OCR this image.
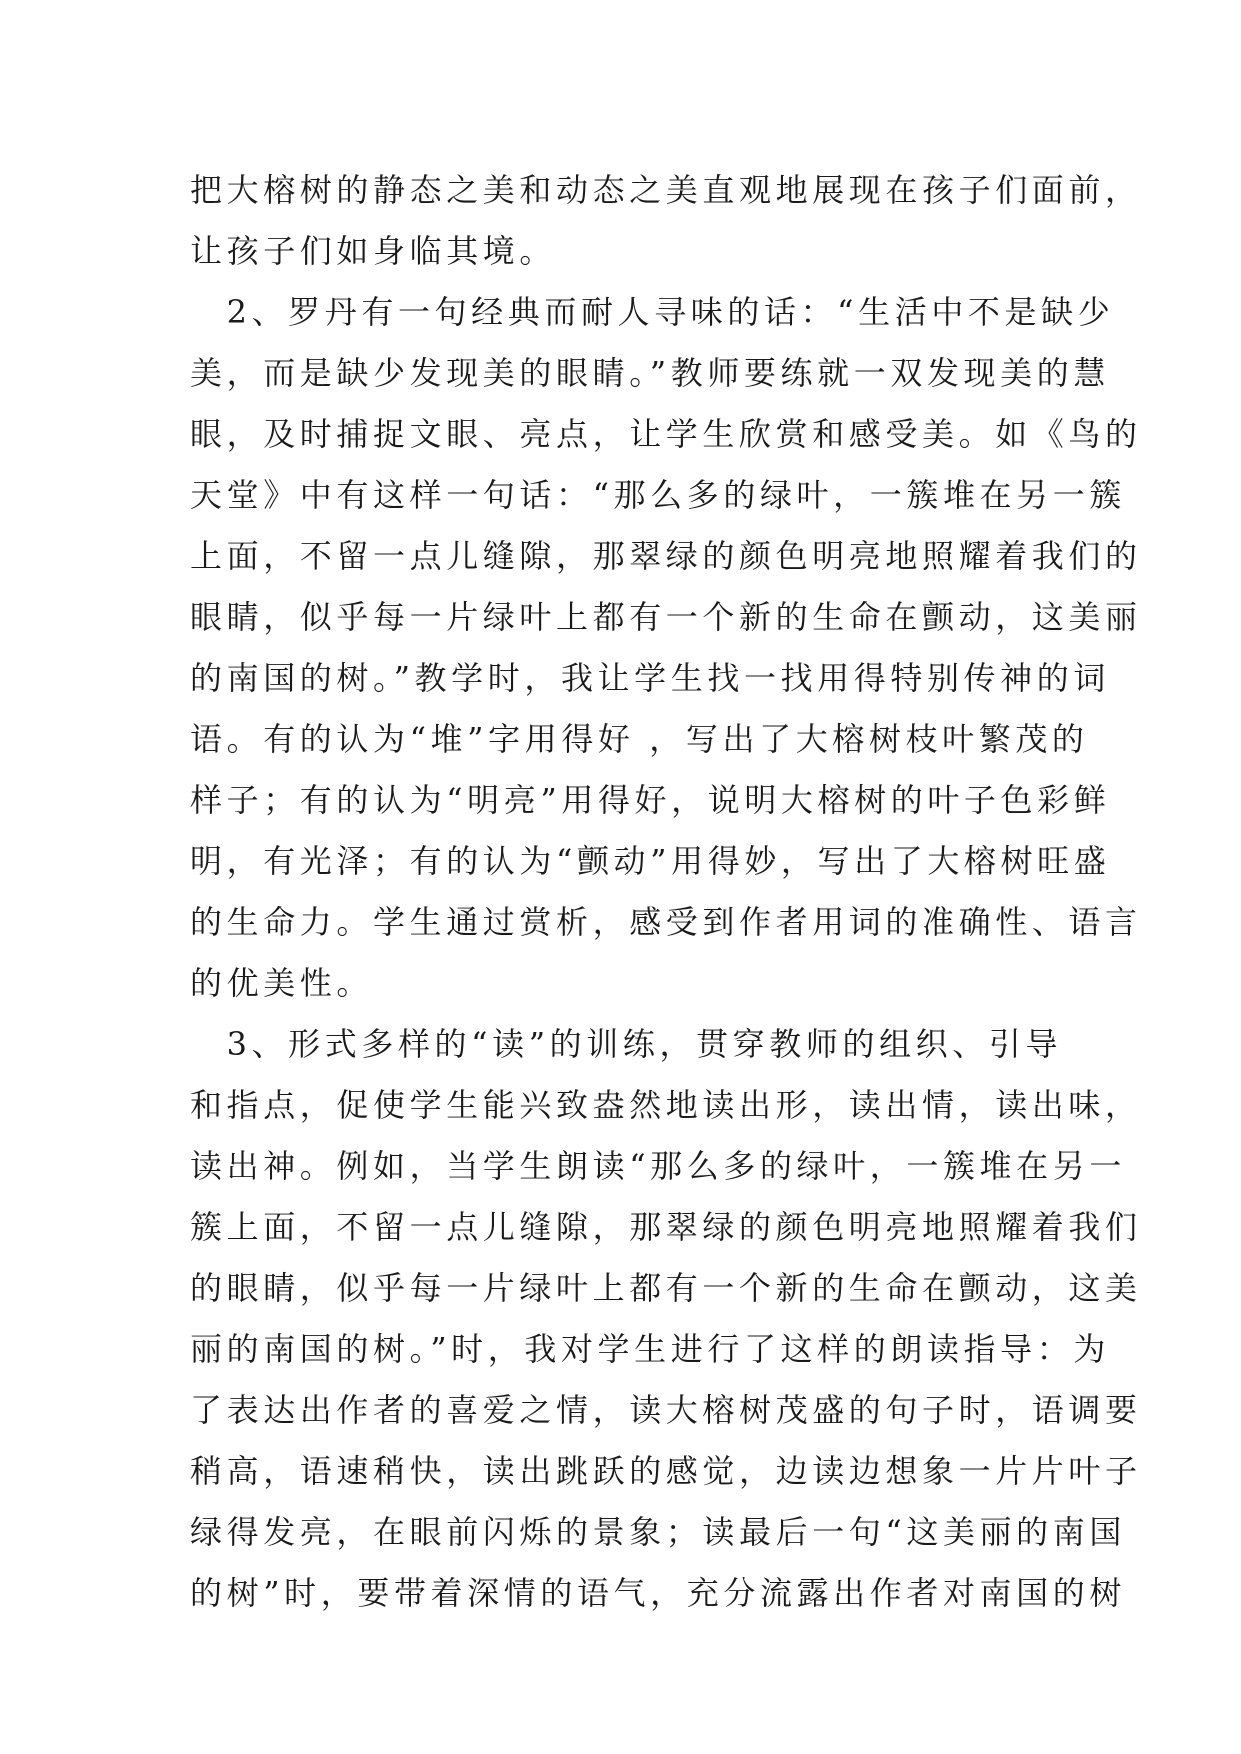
把大榕树的静态之美和动态之美直观地展现在孩子们面前，
让孩子们如身临其境。
　2、罗丹有一句经典而耐人寻味的话：“生活中不是缺少
美，而是缺少发现美的眼睛。”教师要练就一双发现美的慧
眼，及时捕捉文眼、亮点，让学生欣赏和感受美。如《鸟的
天堂》中有这样一句话：“那么多的绿叶，一簇堆在另一簇
上面，不留一点儿缝隙，那翠绿的颜色明亮地照耀着我们的
眼睛，似乎每一片绿叶上都有一个新的生命在颤动，这美丽
的南国的树。”教学时，我让学生找一找用得特别传神的词
语。有的认为“堆”字用得好 ，写出了大榕树枝叶繁茂的
样子；有的认为“明亮”用得好，说明大榕树的叶子色彩鲜
明，有光泽；有的认为“颤动”用得妙，写出了大榕树旺盛
的生命力。学生通过赏析，感受到作者用词的准确性、语言
的优美性。
　3、形式多样的“读”的训练，贯穿教师的组织、引导
和指点，促使学生能兴致盎然地读出形，读出情，读出味，
读出神。例如，当学生朗读“那么多的绿叶，一簇堆在另一
簇上面，不留一点儿缝隙，那翠绿的颜色明亮地照耀着我们
的眼睛，似乎每一片绿叶上都有一个新的生命在颤动，这美
丽的南国的树。”时，我对学生进行了这样的朗读指导：为
了表达出作者的喜爱之情，读大榕树茂盛的句子时，语调要
稍高，语速稍快，读出跳跃的感觉，边读边想象一片片叶子
绿得发亮，在眼前闪烁的景象；读最后一句“这美丽的南国
的树”时，要带着深情的语气，充分流露出作者对南国的树
